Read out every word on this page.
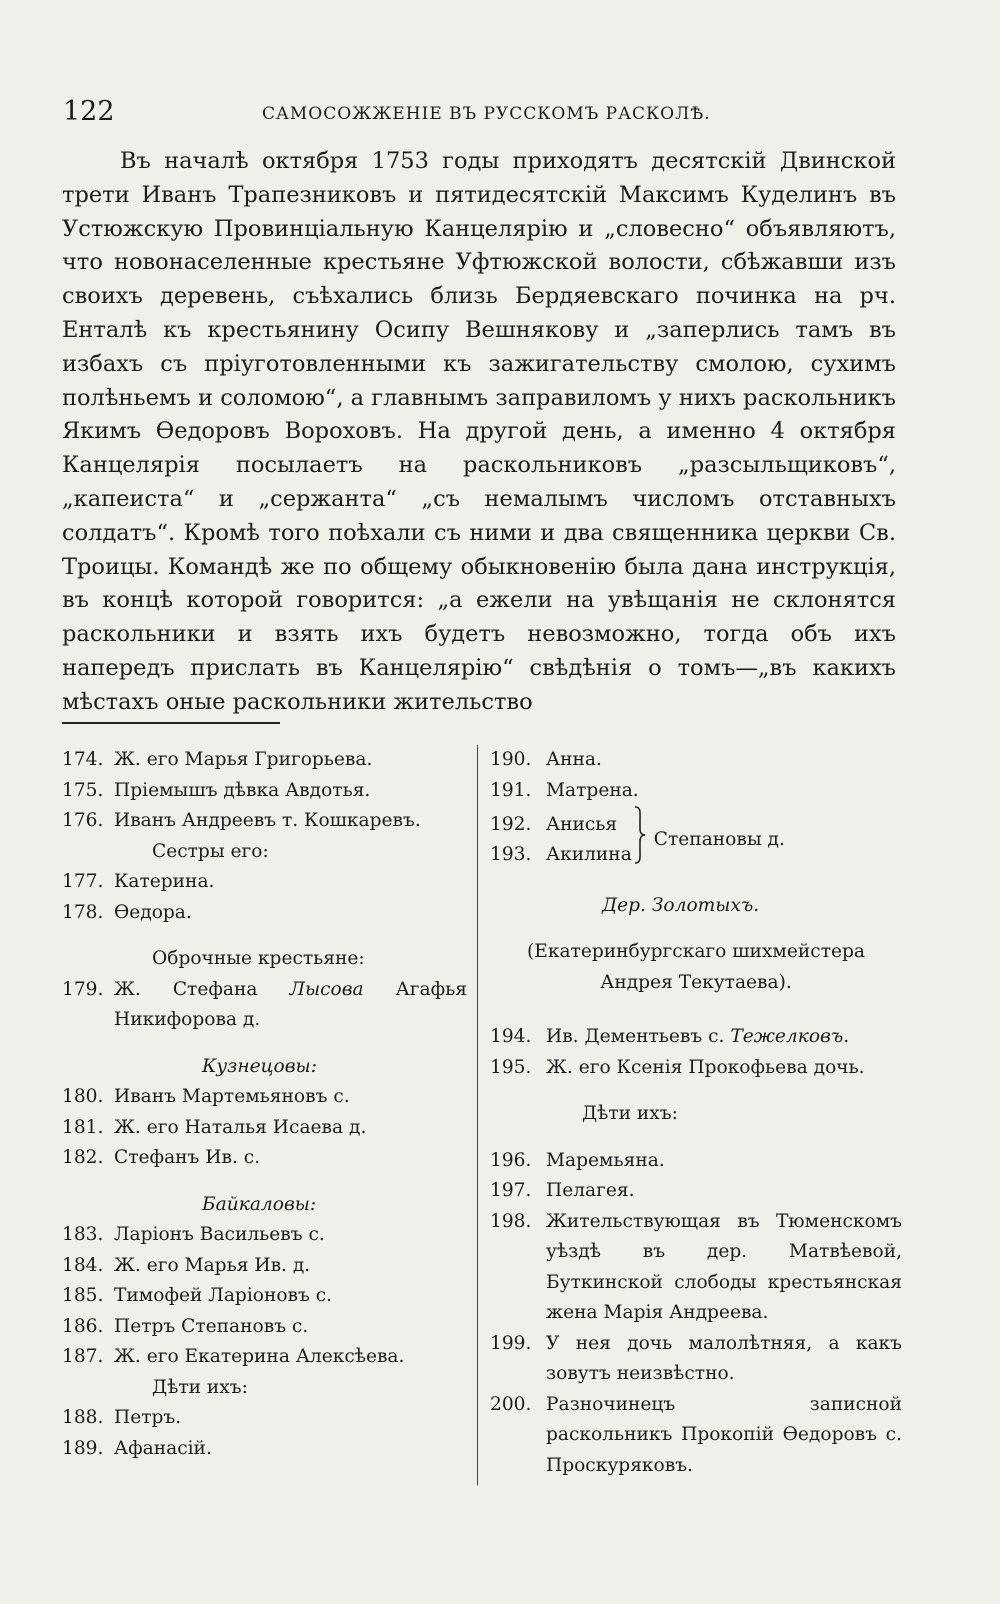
122	САМОСОЖЖЕНІЕ ВЪ РУССКОМЪ РАСКОЛѢ.
Въ началѣ октября 1753 годы приходятъ десятскій Двинской трети Иванъ Трапезниковъ и пятидесятскій Максимъ Куделинъ въ Устюжскую Провинціальную Канцелярію и „словесно“ объявляютъ, что новонаселенные крестьяне Уфтюжской волости, сбѣжавши изъ своихъ деревень, съѣхались близь Бердяевскаго починка на рч. Енталѣ къ крестьянину Осипу Вешнякову и „заперлись тамъ въ избахъ съ пріуготовленными къ зажигательству смолою, сухимъ полѣньемъ и соломою“, а главнымъ заправиломъ у нихъ раскольникъ Якимъ Ѳедоровъ Вороховъ. На другой день, а именно 4 октября Канцелярія посылаетъ на раскольниковъ „разсыльщиковъ“, „капеиста“ и „сержанта“ „съ немалымъ числомъ отставныхъ солдатъ“. Кромѣ того поѣхали съ ними и два священника церкви Св. Троицы. Командѣ же по общему обыкновенію была дана инструкція, въ концѣ которой говорится: „а ежели на увѣщанія не склонятся раскольники и взять ихъ будетъ невозможно, тогда объ ихъ напередъ прислать въ Канцелярію“ свѣдѣнія о томъ—„въ какихъ мѣстахъ оные раскольники жительство
174. Ж. его Марья Григорьева.
175. Пріемышъ дѣвка Авдотья.
176. Иванъ Андреевъ т. Кошкаревъ.
Сестры его:
177. Катерина.
178. Ѳедора.
Оброчные крестьяне:
179. Ж. Стефана Лысова Агафья Никифорова д.
Кузнецовы:
180. Иванъ Мартемьяновъ с.
181. Ж. его Наталья Исаева д.
182. Стефанъ Ив. с.
Байкаловы:
183. Ларіонъ Васильевъ с.
184. Ж. его Марья Ив. д.
185. Тимофей Ларіоновъ с.
186. Петръ Степановъ с.
187. Ж. его Екатерина Алексѣева.
Дѣти ихъ:
188. Петръ.
189. Афанасій.
190. Анна.
191. Матрена.
192. Анисья
193. Акилина
Степановы д.
Дер. Золотыхъ.
(Екатеринбургскаго шихмейстера Андрея Текутаева).
194. Ив. Дементьевъ с. Тежелковъ.
195. Ж. его Ксенія Прокофьева дочь.
Дѣти ихъ:
196. Маремьяна.
197. Пелагея.
198. Жительствующая въ Тюменскомъ уѣздѣ въ дер. Матвѣевой, Буткинской слободы крестьянская жена Марія Андреева.
199. У нея дочь малолѣтняя, а какъ зовутъ неизвѣстно.
200. Разночинецъ записной раскольникъ Прокопій Ѳедоровъ с. Проскуряковъ.
